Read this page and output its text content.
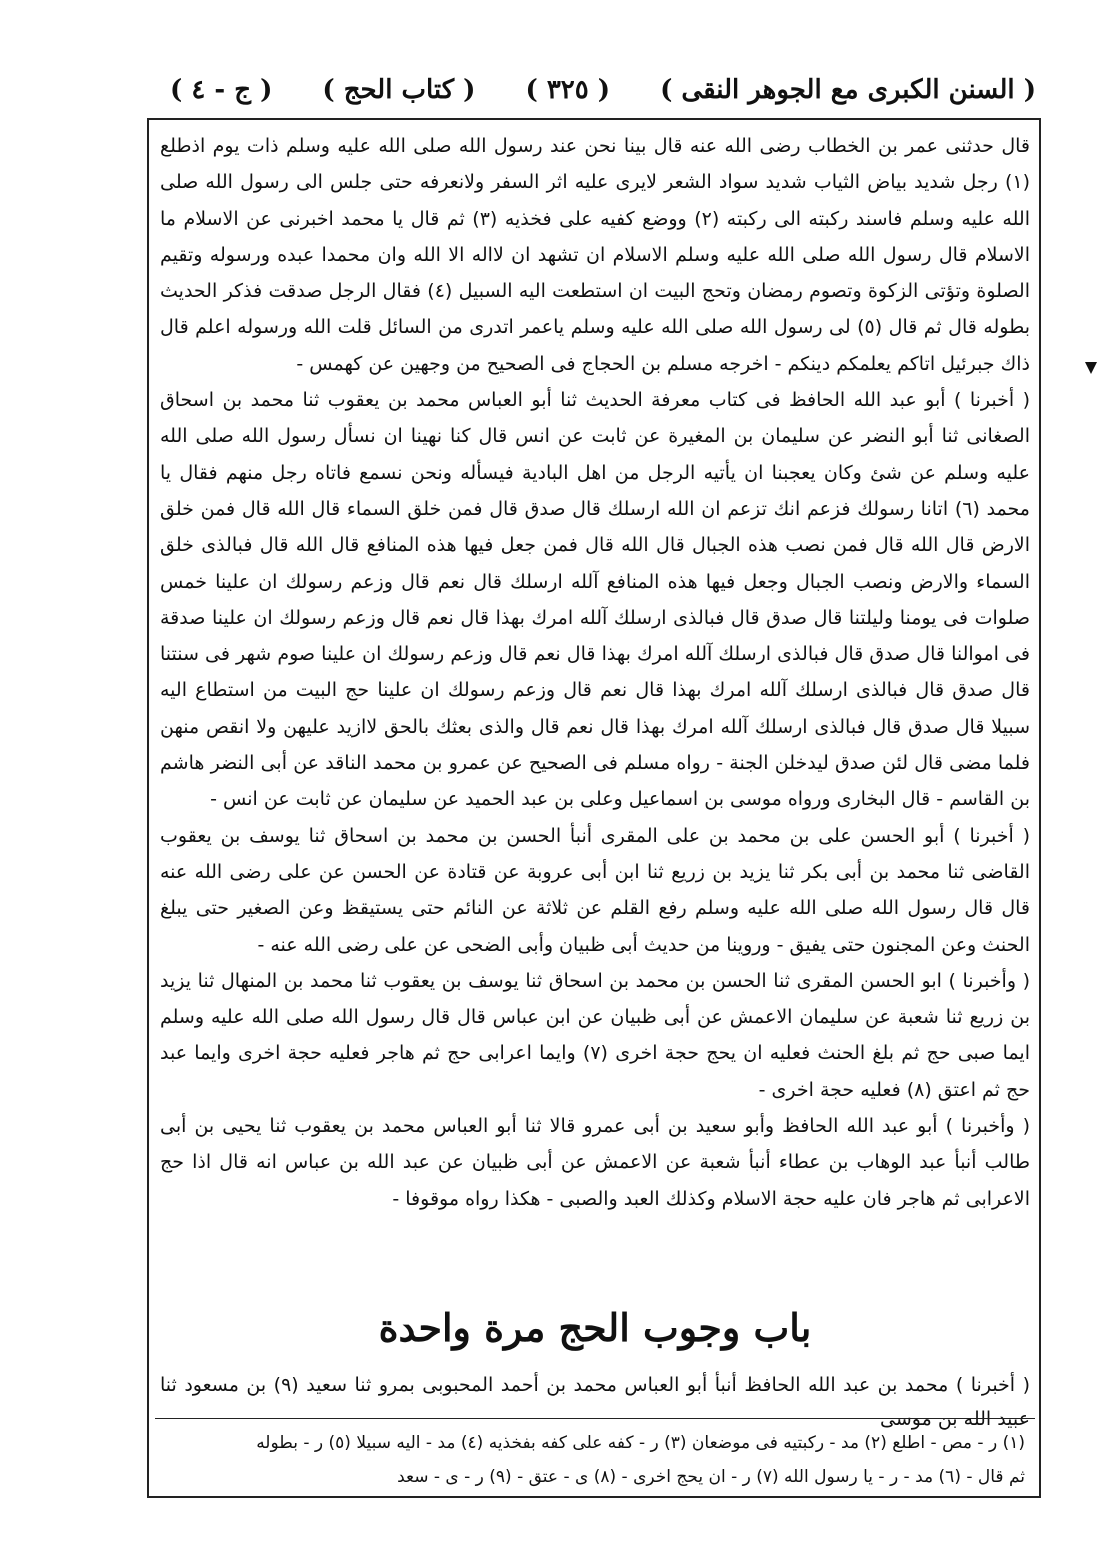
( السنن الكبرى مع الجوهر النقى )
( ٣٢٥ )
( كتاب الحج )
( ج - ٤ )

قال حدثنى عمر بن الخطاب رضى الله عنه قال بينا نحن عند رسول الله صلى الله عليه وسلم ذات يوم اذطلع (١) رجل شديد بياض الثياب شديد سواد الشعر لايرى عليه اثر السفر ولانعرفه حتى جلس الى رسول الله صلى الله عليه وسلم فاسند ركبته الى ركبته (٢) ووضع كفيه على فخذيه (٣) ثم قال يا محمد اخبرنى عن الاسلام ما الاسلام قال رسول الله صلى الله عليه وسلم الاسلام ان تشهد ان لااله الا الله وان محمدا عبده ورسوله وتقيم الصلوة وتؤتى الزكوة وتصوم رمضان وتحج البيت ان استطعت اليه السبيل (٤) فقال الرجل صدقت فذكر الحديث بطوله قال ثم قال (٥) لى رسول الله صلى الله عليه وسلم ياعمر اتدرى من السائل قلت الله ورسوله اعلم قال ذاك جبرئيل اتاكم يعلمكم دينكم - اخرجه مسلم بن الحجاج فى الصحيح من وجهين عن كهمس -

( أخبرنا ) أبو عبد الله الحافظ فى كتاب معرفة الحديث ثنا أبو العباس محمد بن يعقوب ثنا محمد بن اسحاق الصغانى ثنا أبو النضر عن سليمان بن المغيرة عن ثابت عن انس قال كنا نهينا ان نسأل رسول الله صلى الله عليه وسلم عن شئ وكان يعجبنا ان يأتيه الرجل من اهل البادية فيسأله ونحن نسمع فاتاه رجل منهم فقال يا محمد (٦) اتانا رسولك فزعم انك تزعم ان الله ارسلك قال صدق قال فمن خلق السماء قال الله قال فمن خلق الارض قال الله قال فمن نصب هذه الجبال قال الله قال فمن جعل فيها هذه المنافع قال الله قال فبالذى خلق السماء والارض ونصب الجبال وجعل فيها هذه المنافع آلله ارسلك قال نعم قال وزعم رسولك ان علينا خمس صلوات فى يومنا وليلتنا قال صدق قال فبالذى ارسلك آلله امرك بهذا قال نعم قال وزعم رسولك ان علينا صدقة فى اموالنا قال صدق قال فبالذى ارسلك آلله امرك بهذا قال نعم قال وزعم رسولك ان علينا صوم شهر فى سنتنا قال صدق قال فبالذى ارسلك آلله امرك بهذا قال نعم قال وزعم رسولك ان علينا حج البيت من استطاع اليه سبيلا قال صدق قال فبالذى ارسلك آلله امرك بهذا قال نعم قال والذى بعثك بالحق لاازيد عليهن ولا انقص منهن فلما مضى قال لئن صدق ليدخلن الجنة - رواه مسلم فى الصحيح عن عمرو بن محمد الناقد عن أبى النضر هاشم بن القاسم - قال البخارى ورواه موسى بن اسماعيل وعلى بن عبد الحميد عن سليمان عن ثابت عن انس -

( أخبرنا ) أبو الحسن على بن محمد بن على المقرى أنبأ الحسن بن محمد بن اسحاق ثنا يوسف بن يعقوب القاضى ثنا محمد بن أبى بكر ثنا يزيد بن زريع ثنا ابن أبى عروبة عن قتادة عن الحسن عن على رضى الله عنه قال قال رسول الله صلى الله عليه وسلم رفع القلم عن ثلاثة عن النائم حتى يستيقظ وعن الصغير حتى يبلغ الحنث وعن المجنون حتى يفيق - وروينا من حديث أبى ظبيان وأبى الضحى عن على رضى الله عنه -

( وأخبرنا ) ابو الحسن المقرى ثنا الحسن بن محمد بن اسحاق ثنا يوسف بن يعقوب ثنا محمد بن المنهال ثنا يزيد بن زريع ثنا شعبة عن سليمان الاعمش عن أبى ظبيان عن ابن عباس قال قال رسول الله صلى الله عليه وسلم ايما صبى حج ثم بلغ الحنث فعليه ان يحج حجة اخرى (٧) وايما اعرابى حج ثم هاجر فعليه حجة اخرى وايما عبد حج ثم اعتق (٨) فعليه حجة اخرى -

( وأخبرنا ) أبو عبد الله الحافظ وأبو سعيد بن أبى عمرو قالا ثنا أبو العباس محمد بن يعقوب ثنا يحيى بن أبى طالب أنبأ عبد الوهاب بن عطاء أنبأ شعبة عن الاعمش عن أبى ظبيان عن عبد الله بن عباس انه قال اذا حج الاعرابى ثم هاجر فان عليه حجة الاسلام وكذلك العبد والصبى - هكذا رواه موقوفا -

باب وجوب الحج مرة واحدة
( أخبرنا ) محمد بن عبد الله الحافظ أنبأ أبو العباس محمد بن أحمد المحبوبى بمرو ثنا سعيد (٩) بن مسعود ثنا عبيد الله بن موسى

(١) ر - مص - اطلع (٢) مد - ركبتيه فى موضعان (٣) ر - كفه على كفه بفخذيه (٤) مد - اليه سبيلا (٥) ر - بطوله

ثم قال - (٦) مد - ر - يا رسول الله (٧) ر - ان يحج اخرى - (٨) ى - عتق - (٩) ر - ى - سعد
